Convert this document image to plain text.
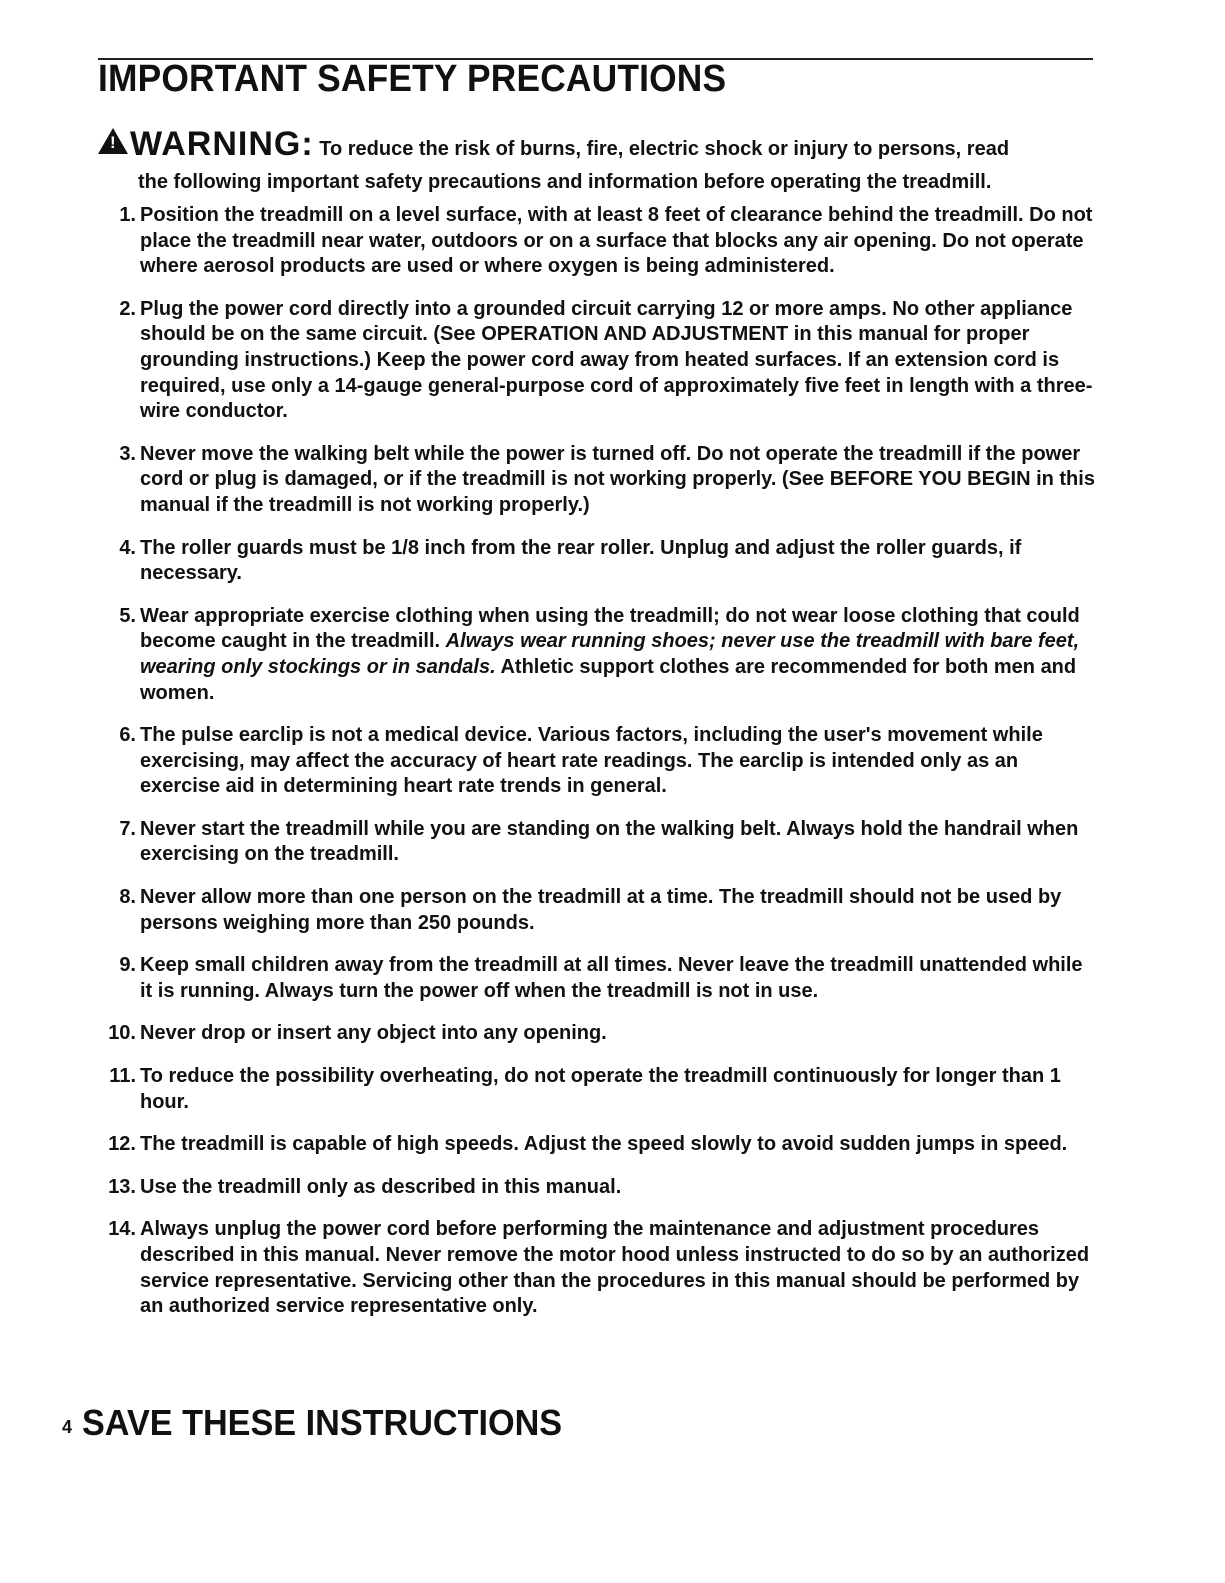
IMPORTANT SAFETY PRECAUTIONS
!WARNING: To reduce the risk of burns, fire, electric shock or injury to persons, read
the following important safety precautions and information before operating the treadmill.
1. Position the treadmill on a level surface, with at least 8 feet of clearance behind the treadmill. Do not place the treadmill near water, outdoors or on a surface that blocks any air opening. Do not operate where aerosol products are used or where oxygen is being administered.
2. Plug the power cord directly into a grounded circuit carrying 12 or more amps. No other appliance should be on the same circuit. (See OPERATION AND ADJUSTMENT in this manual for proper grounding instructions.) Keep the power cord away from heated surfaces. If an extension cord is required, use only a 14-gauge general-purpose cord of approximately five feet in length with a three-wire conductor.
3. Never move the walking belt while the power is turned off. Do not operate the treadmill if the power cord or plug is damaged, or if the treadmill is not working properly. (See BEFORE YOU BEGIN in this manual if the treadmill is not working properly.)
4. The roller guards must be 1/8 inch from the rear roller. Unplug and adjust the roller guards, if necessary.
5. Wear appropriate exercise clothing when using the treadmill; do not wear loose clothing that could become caught in the treadmill. Always wear running shoes; never use the treadmill with bare feet, wearing only stockings or in sandals. Athletic support clothes are recommended for both men and women.
6. The pulse earclip is not a medical device. Various factors, including the user's movement while exercising, may affect the accuracy of heart rate readings. The earclip is intended only as an exercise aid in determining heart rate trends in general.
7. Never start the treadmill while you are standing on the walking belt. Always hold the handrail when exercising on the treadmill.
8. Never allow more than one person on the treadmill at a time. The treadmill should not be used by persons weighing more than 250 pounds.
9. Keep small children away from the treadmill at all times. Never leave the treadmill unattended while it is running. Always turn the power off when the treadmill is not in use.
10. Never drop or insert any object into any opening.
11. To reduce the possibility overheating, do not operate the treadmill continuously for longer than 1 hour.
12. The treadmill is capable of high speeds. Adjust the speed slowly to avoid sudden jumps in speed.
13. Use the treadmill only as described in this manual.
14. Always unplug the power cord before performing the maintenance and adjustment procedures described in this manual. Never remove the motor hood unless instructed to do so by an authorized service representative. Servicing other than the procedures in this manual should be performed by an authorized service representative only.
4 SAVE THESE INSTRUCTIONS
